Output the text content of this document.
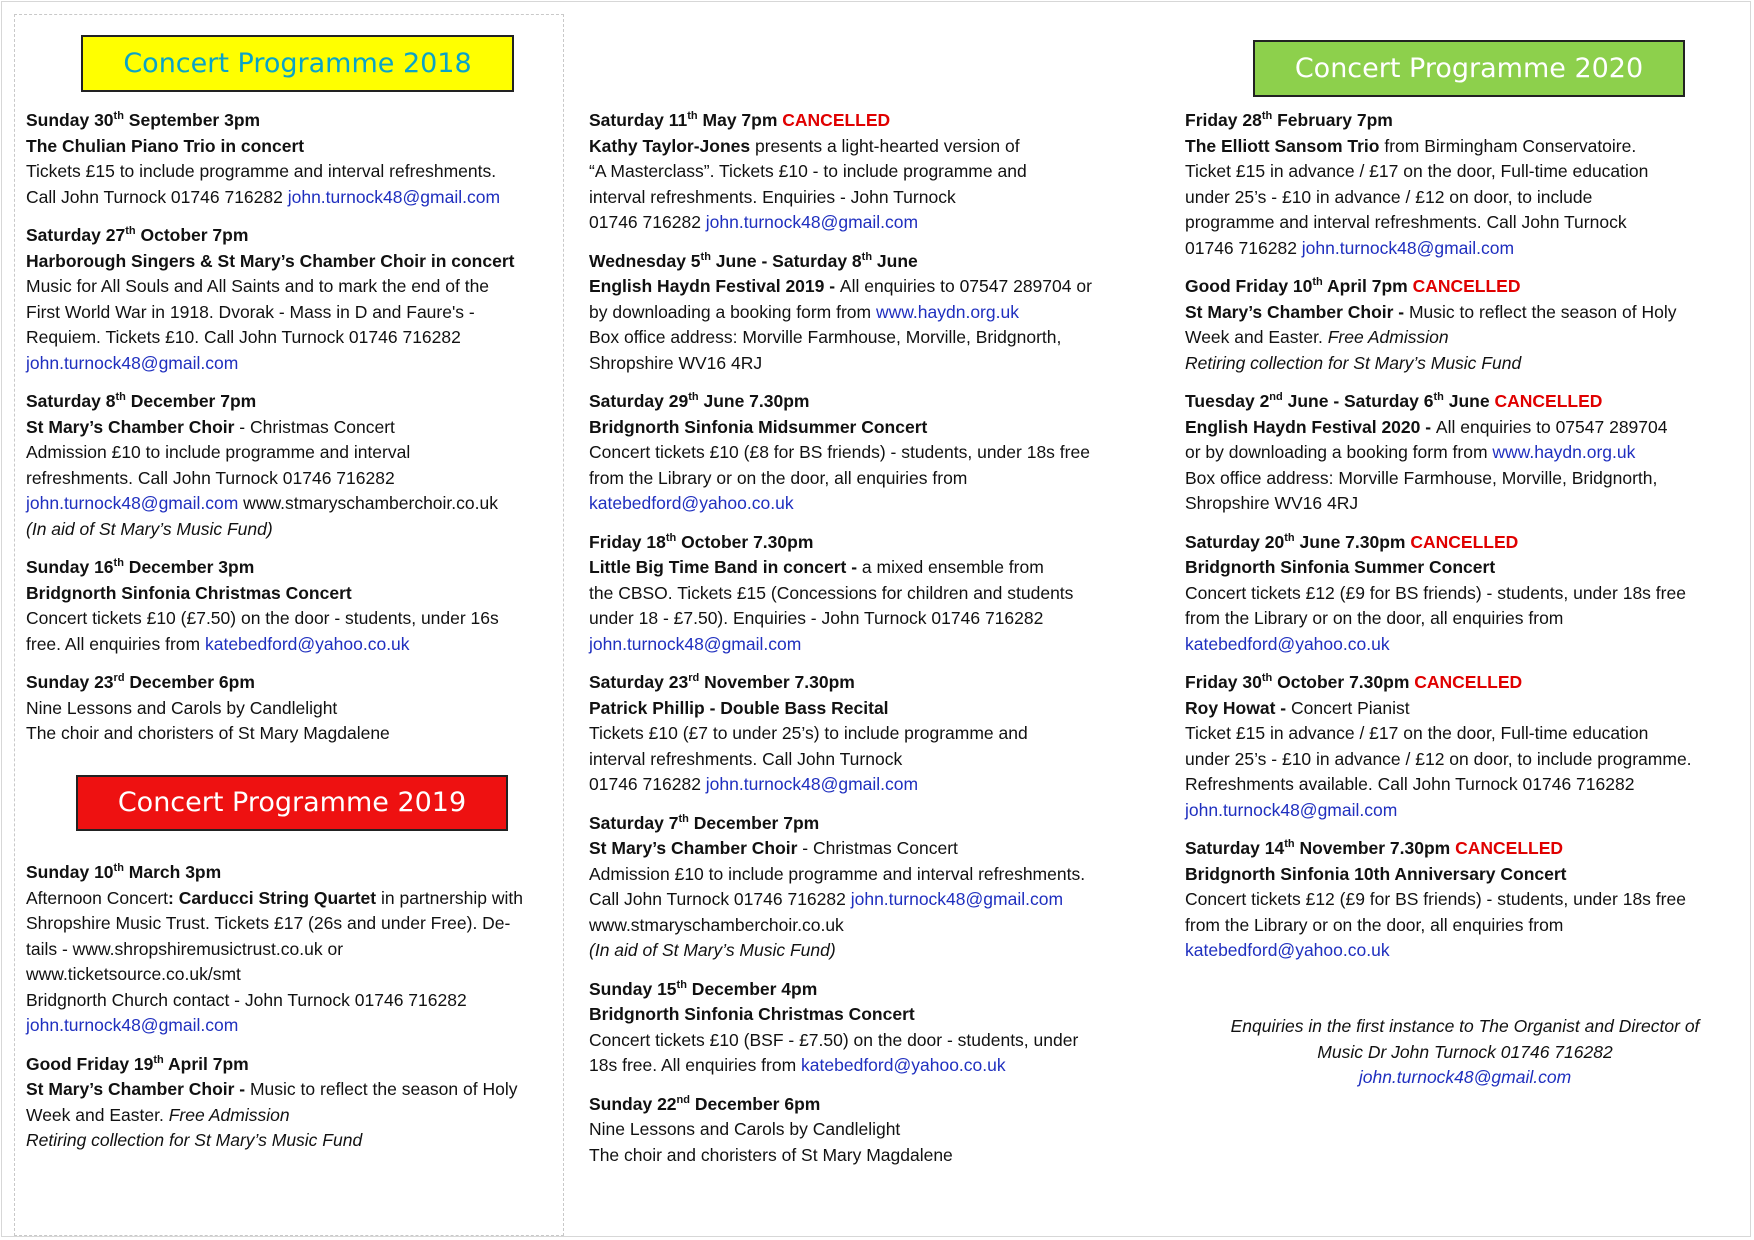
Concert Programme 2018
Concert Programme 2019
Concert Programme 2020
Sunday 30th September 3pm
The Chulian Piano Trio in concert
Tickets £15 to include programme and interval refreshments.
Call John Turnock 01746 716282 john.turnock48@gmail.com
Saturday 27th October 7pm
Harborough Singers & St Mary’s Chamber Choir in concert
Music for All Souls and All Saints and to mark the end of the
First World War in 1918. Dvorak - Mass in D and Faure's -
Requiem. Tickets £10. Call John Turnock 01746 716282
john.turnock48@gmail.com
Saturday 8th December 7pm
St Mary’s Chamber Choir - Christmas Concert
Admission £10 to include programme and interval
refreshments. Call John Turnock 01746 716282
john.turnock48@gmail.com www.stmaryschamberchoir.co.uk
(In aid of St Mary’s Music Fund)
Sunday 16th December 3pm
Bridgnorth Sinfonia Christmas Concert
Concert tickets £10 (£7.50) on the door - students, under 16s
free. All enquiries from katebedford@yahoo.co.uk
Sunday 23rd December 6pm
Nine Lessons and Carols by Candlelight
The choir and choristers of St Mary Magdalene
Sunday 10th March 3pm
Afternoon Concert: Carducci String Quartet in partnership with
Shropshire Music Trust. Tickets £17 (26s and under Free). De-
tails - www.shropshiremusictrust.co.uk or
www.ticketsource.co.uk/smt
Bridgnorth Church contact - John Turnock 01746 716282
john.turnock48@gmail.com
Good Friday 19th April 7pm
St Mary’s Chamber Choir - Music to reflect the season of Holy
Week and Easter. Free Admission
Retiring collection for St Mary’s Music Fund
Saturday 11th May 7pm CANCELLED
Kathy Taylor-Jones presents a light-hearted version of
“A Masterclass”. Tickets £10 - to include programme and
interval refreshments. Enquiries - John Turnock
01746 716282 john.turnock48@gmail.com
Wednesday 5th June - Saturday 8th June
English Haydn Festival 2019 - All enquiries to 07547 289704 or
by downloading a booking form from www.haydn.org.uk
Box office address: Morville Farmhouse, Morville, Bridgnorth,
Shropshire WV16 4RJ
Saturday 29th June 7.30pm
Bridgnorth Sinfonia Midsummer Concert
Concert tickets £10 (£8 for BS friends) - students, under 18s free
from the Library or on the door, all enquiries from
katebedford@yahoo.co.uk
Friday 18th October 7.30pm
Little Big Time Band in concert - a mixed ensemble from
the CBSO. Tickets £15 (Concessions for children and students
under 18 - £7.50). Enquiries - John Turnock 01746 716282
john.turnock48@gmail.com
Saturday 23rd November 7.30pm
Patrick Phillip - Double Bass Recital
Tickets £10 (£7 to under 25’s) to include programme and
interval refreshments. Call John Turnock
01746 716282 john.turnock48@gmail.com
Saturday 7th December 7pm
St Mary’s Chamber Choir - Christmas Concert
Admission £10 to include programme and interval refreshments.
Call John Turnock 01746 716282 john.turnock48@gmail.com
www.stmaryschamberchoir.co.uk
(In aid of St Mary’s Music Fund)
Sunday 15th December 4pm
Bridgnorth Sinfonia Christmas Concert
Concert tickets £10 (BSF - £7.50) on the door - students, under
18s free. All enquiries from katebedford@yahoo.co.uk
Sunday 22nd December 6pm
Nine Lessons and Carols by Candlelight
The choir and choristers of St Mary Magdalene
Friday 28th February 7pm
The Elliott Sansom Trio from Birmingham Conservatoire.
Ticket £15 in advance / £17 on the door, Full-time education
under 25’s - £10 in advance / £12 on door, to include
programme and interval refreshments. Call John Turnock
01746 716282 john.turnock48@gmail.com
Good Friday 10th April 7pm CANCELLED
St Mary’s Chamber Choir - Music to reflect the season of Holy
Week and Easter. Free Admission
Retiring collection for St Mary’s Music Fund
Tuesday 2nd June - Saturday 6th June CANCELLED
English Haydn Festival 2020 - All enquiries to 07547 289704
or by downloading a booking form from www.haydn.org.uk
Box office address: Morville Farmhouse, Morville, Bridgnorth,
Shropshire WV16 4RJ
Saturday 20th June 7.30pm CANCELLED
Bridgnorth Sinfonia Summer Concert
Concert tickets £12 (£9 for BS friends) - students, under 18s free
from the Library or on the door, all enquiries from
katebedford@yahoo.co.uk
Friday 30th October 7.30pm CANCELLED
Roy Howat - Concert Pianist
Ticket £15 in advance / £17 on the door, Full-time education
under 25’s - £10 in advance / £12 on door, to include programme.
Refreshments available. Call John Turnock 01746 716282
john.turnock48@gmail.com
Saturday 14th November 7.30pm CANCELLED
Bridgnorth Sinfonia 10th Anniversary Concert
Concert tickets £12 (£9 for BS friends) - students, under 18s free
from the Library or on the door, all enquiries from
katebedford@yahoo.co.uk
Enquiries in the first instance to The Organist and Director of
Music Dr John Turnock 01746 716282
john.turnock48@gmail.com
